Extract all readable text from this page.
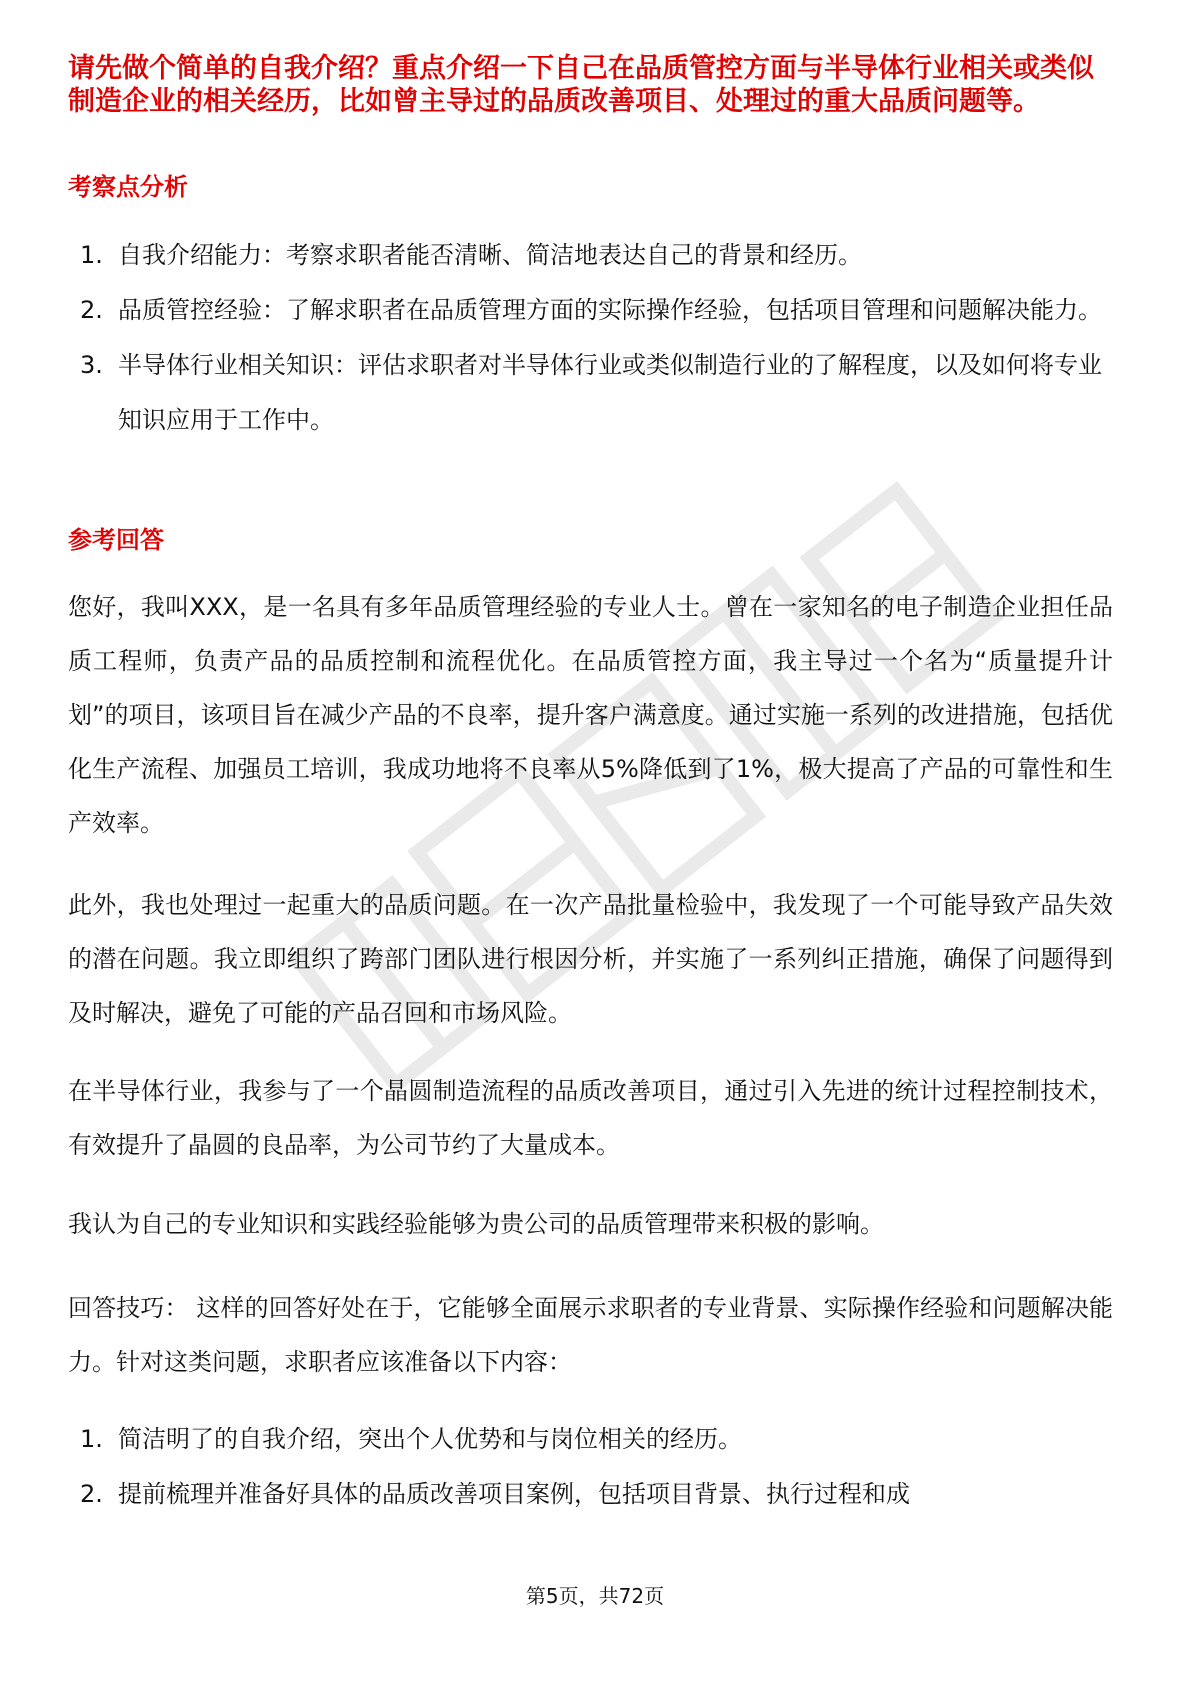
请先做个简单的自我介绍？重点介绍一下自己在品质管控方面与半导体行业相关或类似制造企业的相关经历，比如曾主导过的品质改善项目、处理过的重大品质问题等。
考察点分析
1. 自我介绍能力：考察求职者能否清晰、简洁地表达自己的背景和经历。
2. 品质管控经验：了解求职者在品质管理方面的实际操作经验，包括项目管理和问题解决能力。
3. 半导体行业相关知识：评估求职者对半导体行业或类似制造行业的了解程度，以及如何将专业知识应用于工作中。
参考回答
您好，我叫XXX，是一名具有多年品质管理经验的专业人士。曾在一家知名的电子制造企业担任品质工程师，负责产品的品质控制和流程优化。在品质管控方面，我主导过一个名为“质量提升计划”的项目，该项目旨在减少产品的不良率，提升客户满意度。通过实施一系列的改进措施，包括优化生产流程、加强员工培训，我成功地将不良率从5%降低到了1%，极大提高了产品的可靠性和生产效率。
此外，我也处理过一起重大的品质问题。在一次产品批量检验中，我发现了一个可能导致产品失效的潜在问题。我立即组织了跨部门团队进行根因分析，并实施了一系列纠正措施，确保了问题得到及时解决，避免了可能的产品召回和市场风险。
在半导体行业，我参与了一个晶圆制造流程的品质改善项目，通过引入先进的统计过程控制技术，有效提升了晶圆的良品率，为公司节约了大量成本。
我认为自己的专业知识和实践经验能够为贵公司的品质管理带来积极的影响。
回答技巧： 这样的回答好处在于，它能够全面展示求职者的专业背景、实际操作经验和问题解决能力。针对这类问题，求职者应该准备以下内容：
1. 简洁明了的自我介绍，突出个人优势和与岗位相关的经历。
2. 提前梳理并准备好具体的品质改善项目案例，包括项目背景、执行过程和成
第5页，共72页
